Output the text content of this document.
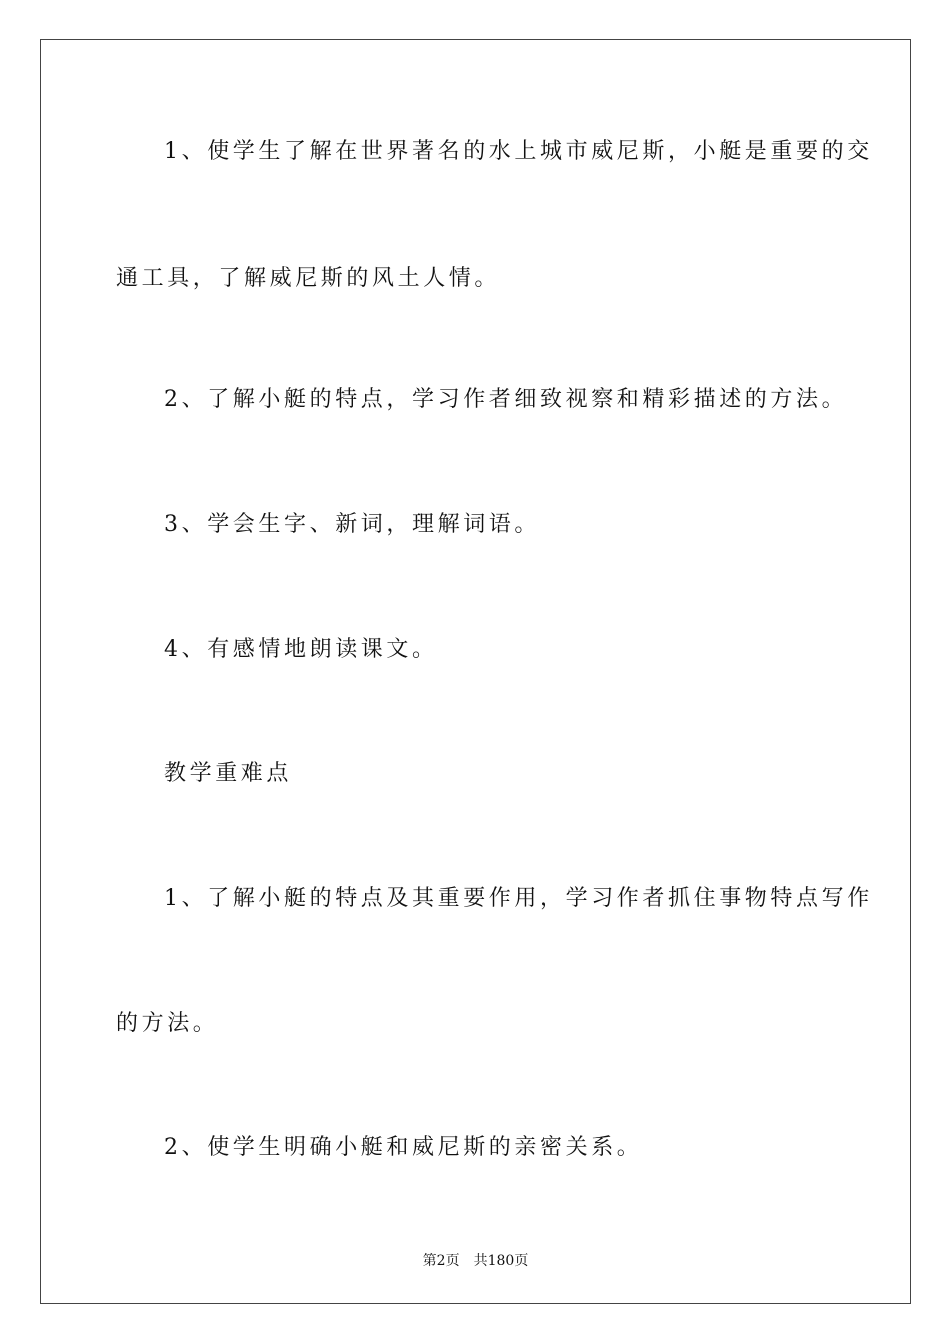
1、使学生了解在世界著名的水上城市威尼斯，小艇是重要的交
通工具，了解威尼斯的风土人情。
2、了解小艇的特点，学习作者细致视察和精彩描述的方法。
3、学会生字、新词，理解词语。
4、有感情地朗读课文。
教学重难点
1、了解小艇的特点及其重要作用，学习作者抓住事物特点写作
的方法。
2、使学生明确小艇和威尼斯的亲密关系。
第2页 共180页
